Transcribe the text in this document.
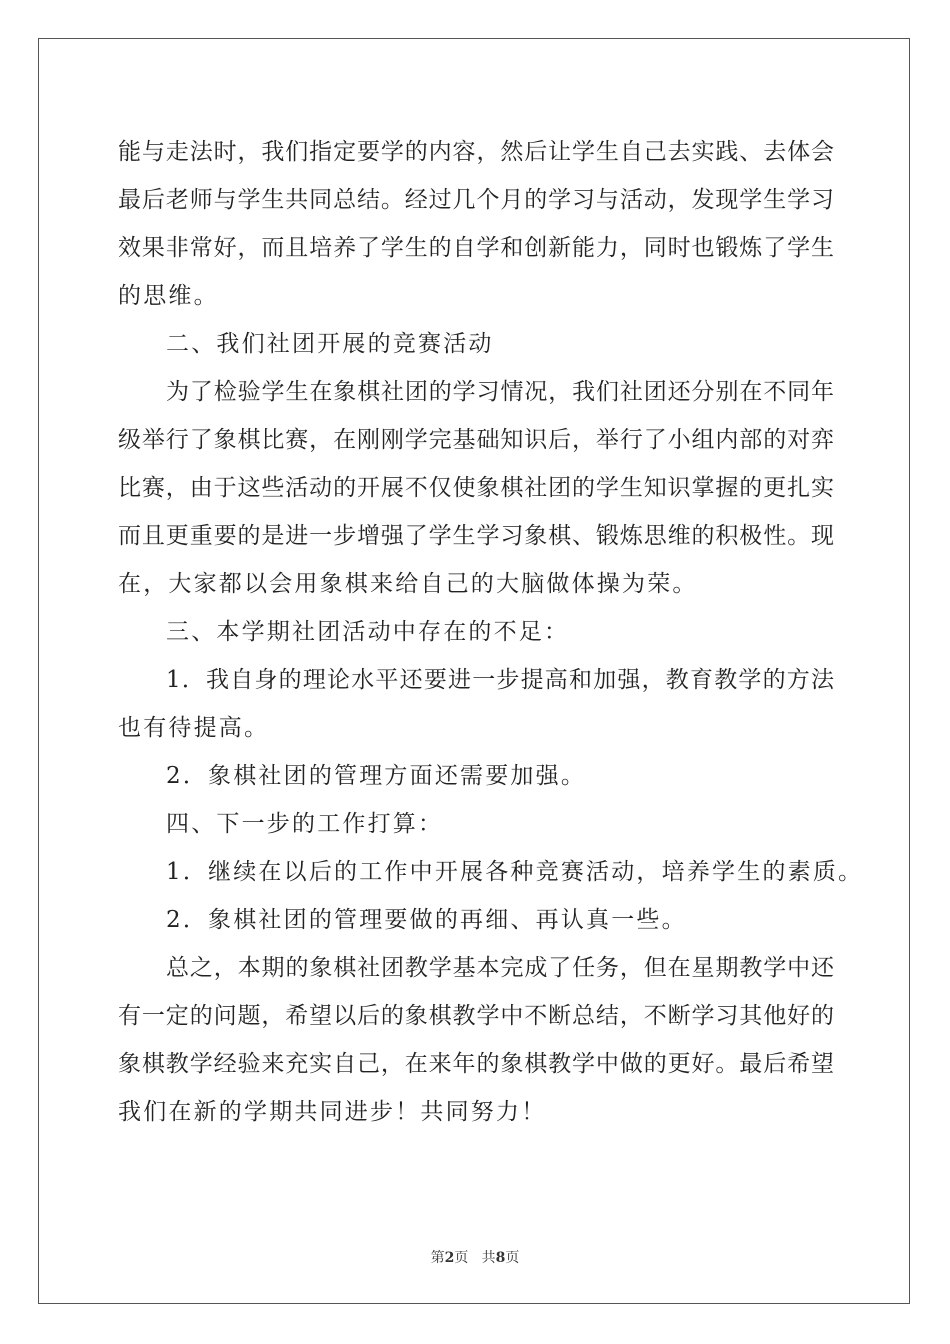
能与走法时，我们指定要学的内容，然后让学生自己去实践、去体会
最后老师与学生共同总结。经过几个月的学习与活动，发现学生学习
效果非常好，而且培养了学生的自学和创新能力，同时也锻炼了学生
的思维。
二、我们社团开展的竞赛活动
为了检验学生在象棋社团的学习情况，我们社团还分别在不同年
级举行了象棋比赛，在刚刚学完基础知识后，举行了小组内部的对弈
比赛，由于这些活动的开展不仅使象棋社团的学生知识掌握的更扎实
而且更重要的是进一步增强了学生学习象棋、锻炼思维的积极性。现
在，大家都以会用象棋来给自己的大脑做体操为荣。
三、本学期社团活动中存在的不足：
1．我自身的理论水平还要进一步提高和加强，教育教学的方法
也有待提高。
2．象棋社团的管理方面还需要加强。
四、下一步的工作打算：
1．继续在以后的工作中开展各种竞赛活动，培养学生的素质。
2．象棋社团的管理要做的再细、再认真一些。
总之，本期的象棋社团教学基本完成了任务，但在星期教学中还
有一定的问题，希望以后的象棋教学中不断总结，不断学习其他好的
象棋教学经验来充实自己，在来年的象棋教学中做的更好。最后希望
我们在新的学期共同进步！共同努力！
第2页 共8页
